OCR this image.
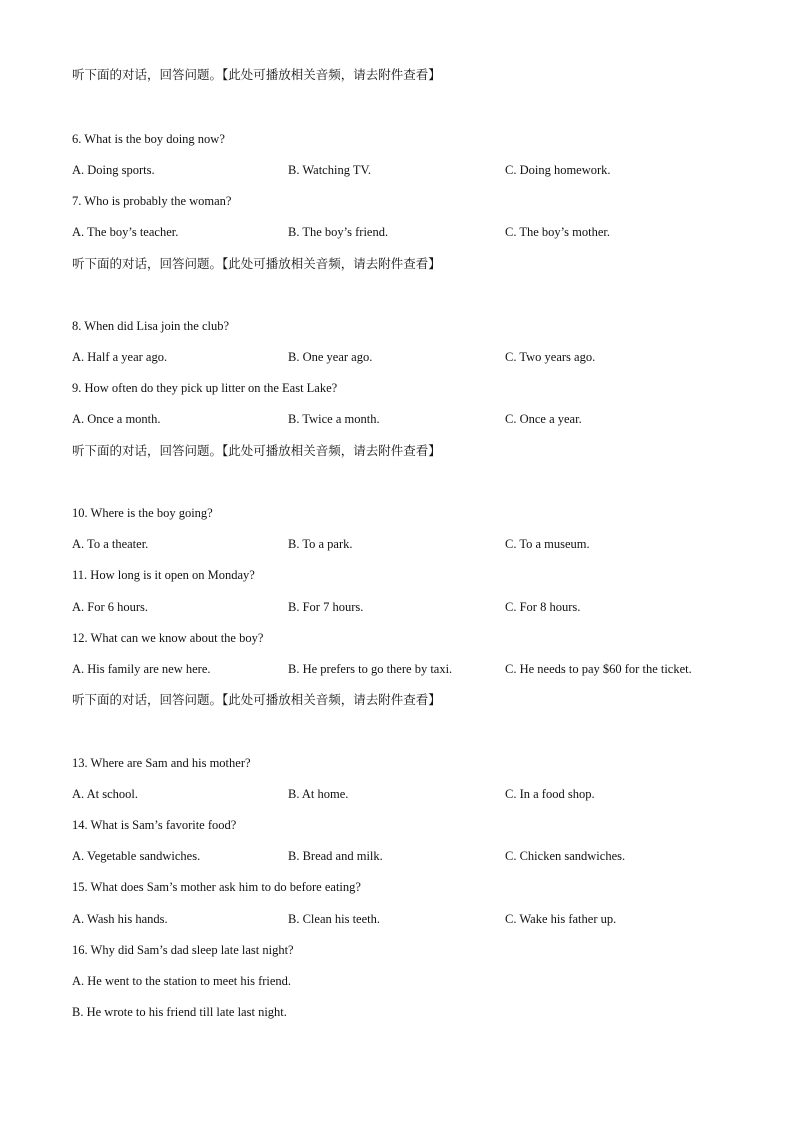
听下面的对话，回答问题。【此处可播放相关音频，请去附件查看】
6. What is the boy doing now?
A. Doing sports.	B. Watching TV.	C. Doing homework.
7. Who is probably the woman?
A. The boy’s teacher.	B. The boy’s friend.	C. The boy’s mother.
听下面的对话，回答问题。【此处可播放相关音频，请去附件查看】
8. When did Lisa join the club?
A. Half a year ago.	B. One year ago.	C. Two years ago.
9. How often do they pick up litter on the East Lake?
A. Once a month.	B. Twice a month.	C. Once a year.
听下面的对话，回答问题。【此处可播放相关音频，请去附件查看】
10. Where is the boy going?
A. To a theater.	B. To a park.	C. To a museum.
11. How long is it open on Monday?
A. For 6 hours.	B. For 7 hours.	C. For 8 hours.
12. What can we know about the boy?
A. His family are new here.	B. He prefers to go there by taxi.	C. He needs to pay $60 for the ticket.
听下面的对话，回答问题。【此处可播放相关音频，请去附件查看】
13. Where are Sam and his mother?
A. At school.	B. At home.	C. In a food shop.
14. What is Sam’s favorite food?
A. Vegetable sandwiches.	B. Bread and milk.	C. Chicken sandwiches.
15. What does Sam’s mother ask him to do before eating?
A. Wash his hands.	B. Clean his teeth.	C. Wake his father up.
16. Why did Sam’s dad sleep late last night?
A. He went to the station to meet his friend.
B. He wrote to his friend till late last night.
